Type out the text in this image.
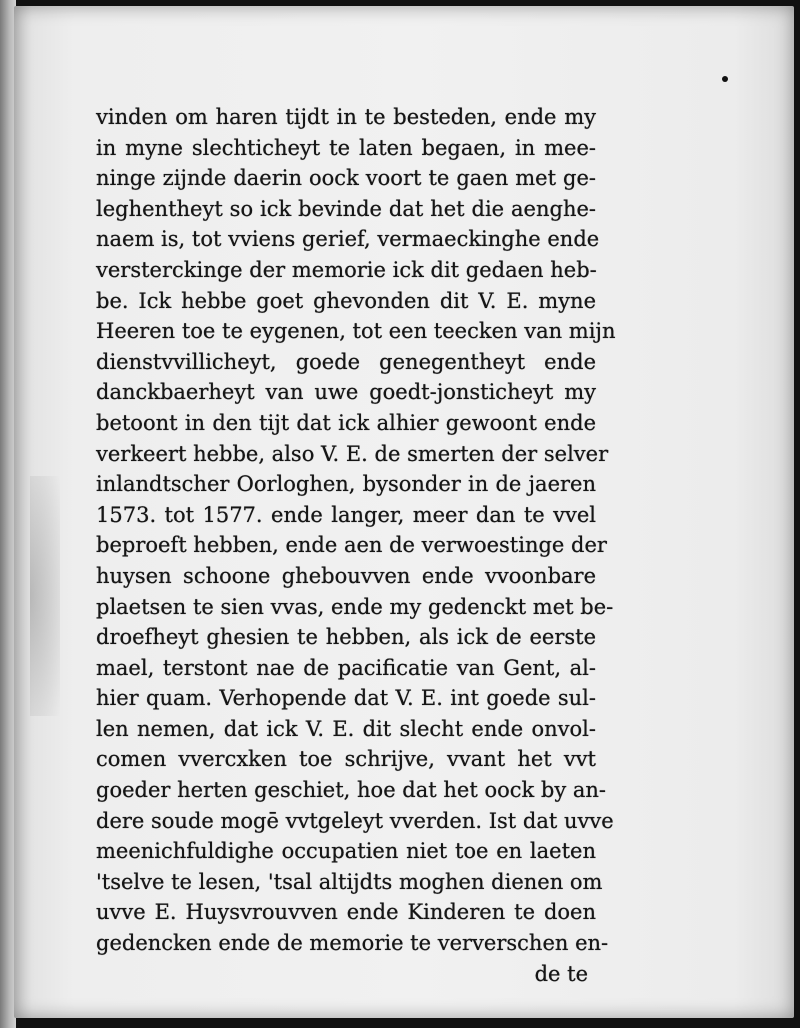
vinden om haren tijdt in te besteden, ende my
in myne slechticheyt te laten begaen, in mee-
ninge zijnde daerin oock voort te gaen met ge-
leghentheyt so ick bevinde dat het die aenghe-
naem is, tot vviens gerief, vermaeckinghe ende
versterckinge der memorie ick dit gedaen heb-
be. Ick hebbe goet ghevonden dit V. E. myne
Heeren toe te eygenen, tot een teecken van mijn
dienstvvillicheyt, goede genegentheyt ende
danckbaerheyt van uwe goedt-jonsticheyt my
betoont in den tijt dat ick alhier gewoont ende
verkeert hebbe, also V. E. de smerten der selver
inlandtscher Oorloghen, bysonder in de jaeren
1573. tot 1577. ende langer, meer dan te vvel
beproeft hebben, ende aen de verwoestinge der
huysen schoone ghebouvven ende vvoonbare
plaetsen te sien vvas, ende my gedenckt met be-
droefheyt ghesien te hebben, als ick de eerste
mael, terstont nae de pacificatie van Gent, al-
hier quam. Verhopende dat V. E. int goede sul-
len nemen, dat ick V. E. dit slecht ende onvol-
comen vvercxken toe schrijve, vvant het vvt
goeder herten geschiet, hoe dat het oock by an-
dere soude mogē vvtgeleyt vverden. Ist dat uvve
meenichfuldighe occupatien niet toe en laeten
'tselve te lesen, 'tsal altijdts moghen dienen om
uvve E. Huysvrouvven ende Kinderen te doen
gedencken ende de memorie te ververschen en-
de te
